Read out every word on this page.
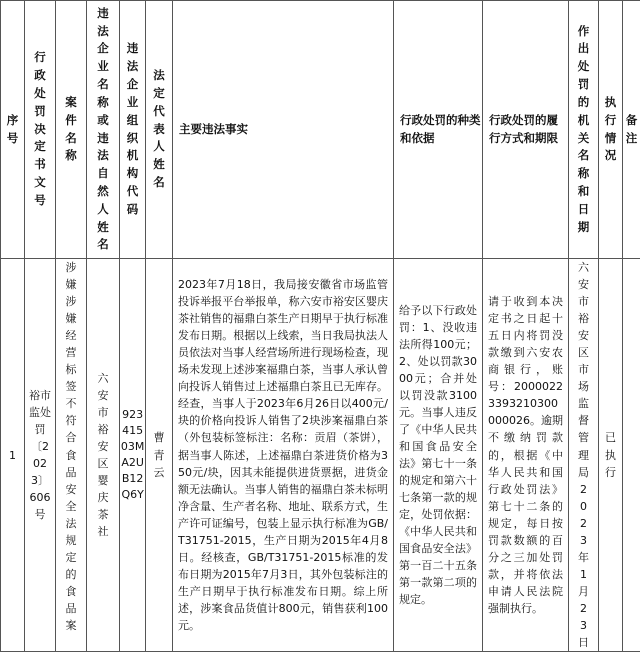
序号	行政处罚决定书文号	案件名称	违法企业名称或违法自然人姓名	违法企业组织机构代码	法定代表人姓名	主要违法事实	行政处罚的种类和依据	行政处罚的履行方式和期限	作出处罚的机关名称和日期	执行情况	备注

1	裕市监处罚〔2023〕606号	涉嫌涉嫌经营标签不符合食品安全法规定的食品案	六安市裕安区婴庆茶社	92341503MA2UB12Q6Y	曹青云	2023年7月18日，我局接安徽省市场监管投诉举报平台举报单，称六安市裕安区婴庆茶社销售的福鼎白茶生产日期早于执行标准发布日期。根据以上线索，当日我局执法人员依法对当事人经营场所进行现场检查，现场未发现上述涉案福鼎白茶，当事人承认曾向投诉人销售过上述福鼎白茶且已无库存。经查，当事人于2023年6月26日以400元/块的价格向投诉人销售了2块涉案福鼎白茶（外包装标签标注：名称：贡眉（茶饼），据当事人陈述，上述福鼎白茶进货价格为350元/块，因其未能提供进货票据，进货金额无法确认。当事人销售的福鼎白茶未标明净含量、生产者名称、地址、联系方式，生产许可证编号，包装上显示执行标准为GB/T31751-2015，生产日期为2015年4月8日。经核查，GB/T31751-2015标准的发布日期为2015年7月3日，其外包装标注的生产日期早于执行标准发布日期。综上所述，涉案食品货值计800元，销售获利100元。	给予以下行政处罚：1、没收违法所得100元；2、处以罚款3000元；合并处以罚没款3100元。当事人违反了《中华人民共和国食品安全法》第七十一条的规定和第六十七条第一款的规定，处罚依据：《中华人民共和国食品安全法》第一百二十五条第一款第二项的规定。	请于收到本决定书之日起十五日内将罚没款缴到六安农商银行，账号：20000223393210300000026。逾期不缴纳罚款的，根据《中华人民共和国行政处罚法》第七十二条的规定，每日按罚款数额的百分之三加处罚款，并将依法申请人民法院强制执行。	六安市裕安区市场监督管理局2023年1月23日	已执行	
